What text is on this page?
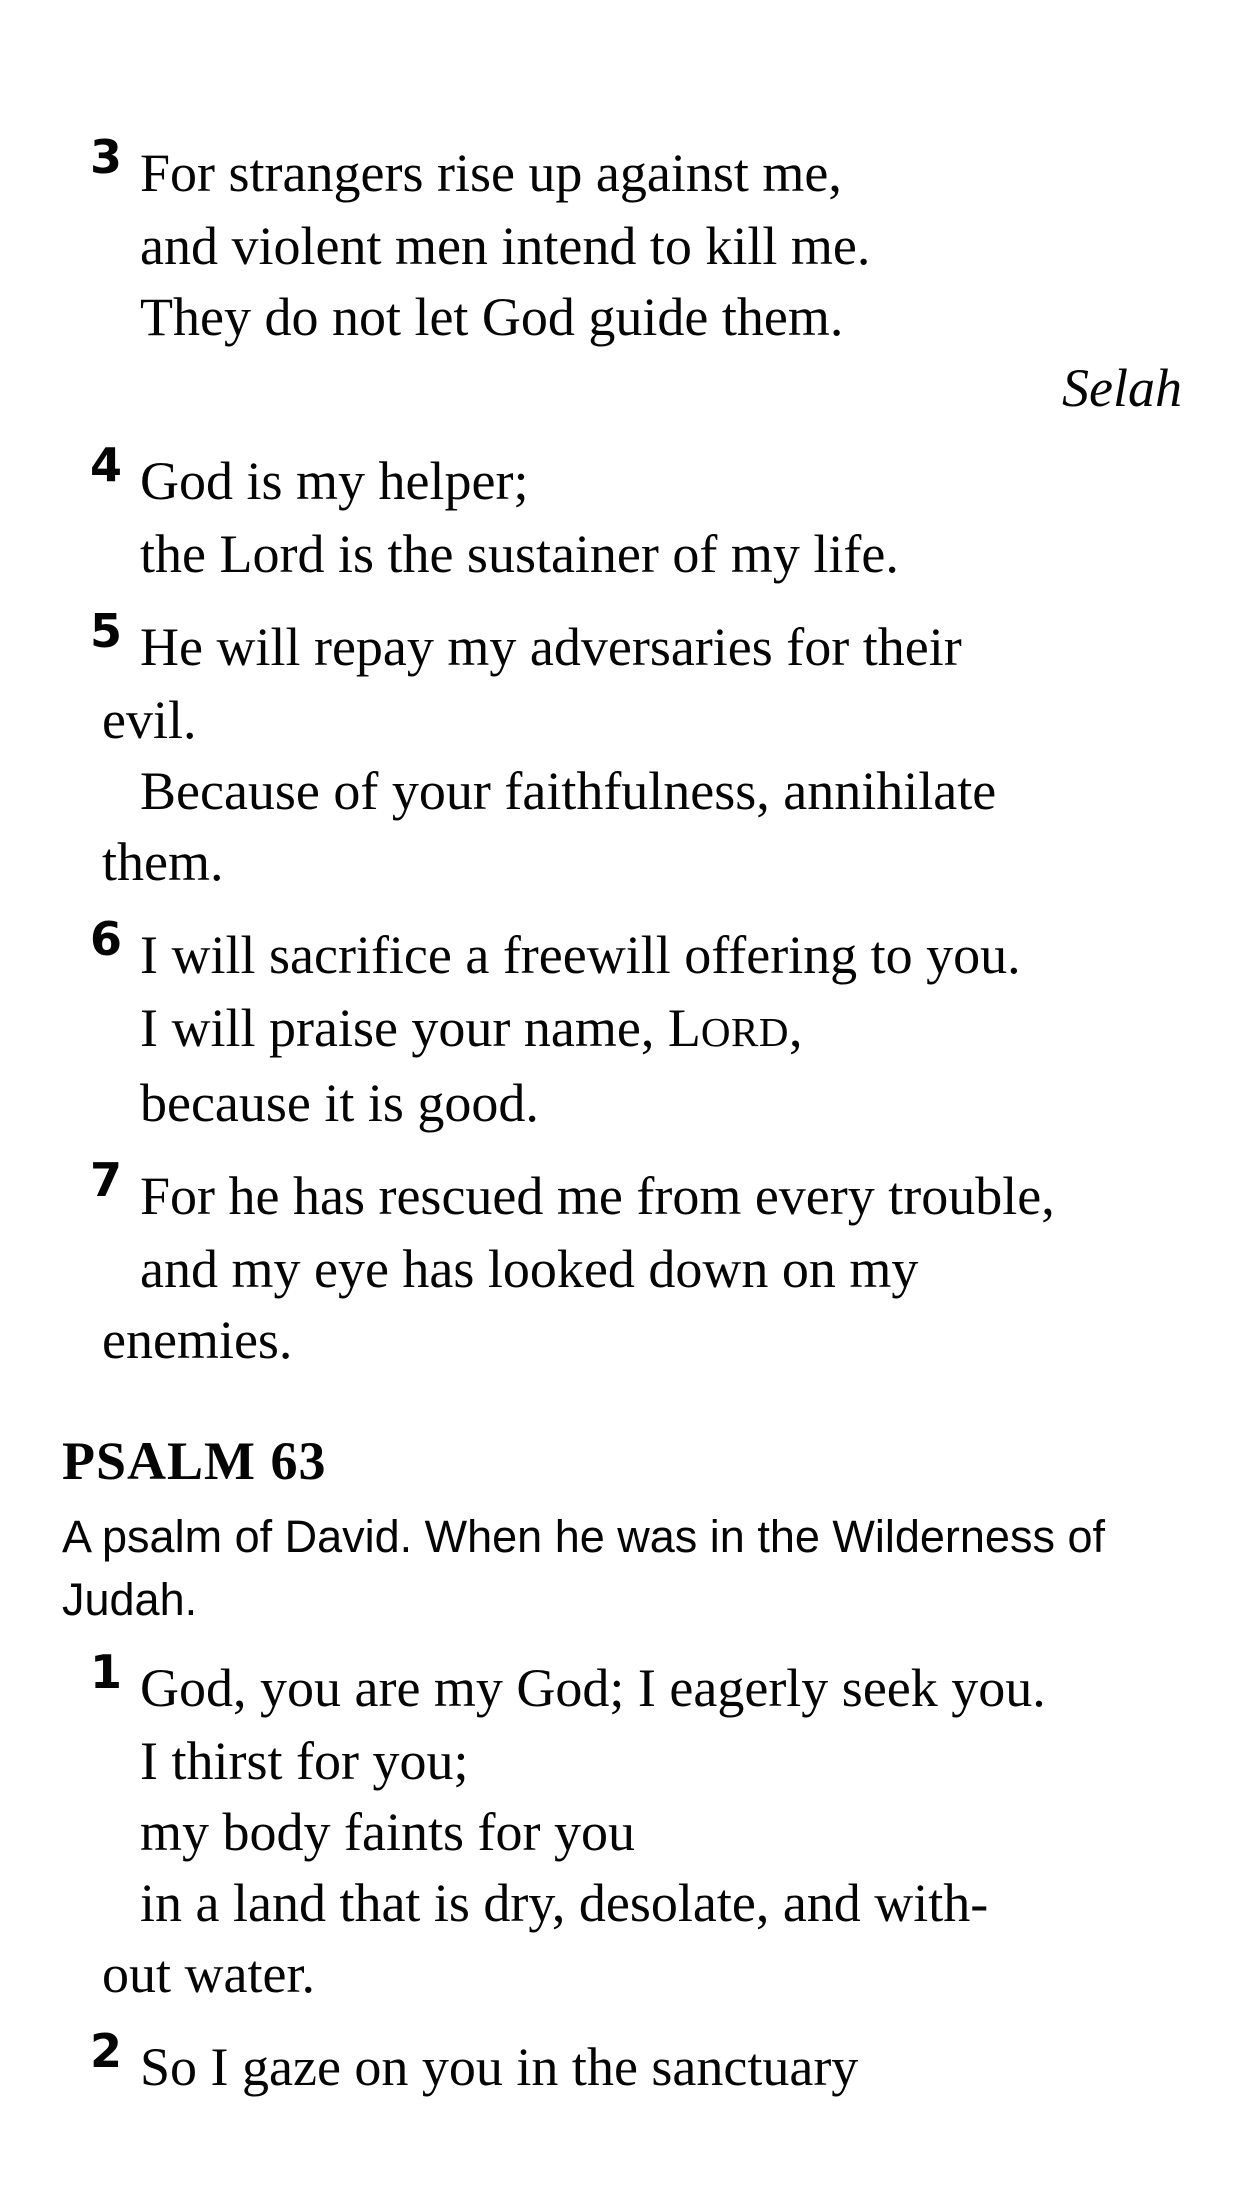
3 For strangers rise up against me,
and violent men intend to kill me.
They do not let God guide them.
Selah
4 God is my helper;
the Lord is the sustainer of my life.
5 He will repay my adversaries for their
evil.
Because of your faithfulness, annihilate
them.
6 I will sacrifice a freewill offering to you.
I will praise your name, LORD,
because it is good.
7 For he has rescued me from every trouble,
and my eye has looked down on my
enemies.
PSALM 63
A psalm of David. When he was in the Wilderness of
Judah.
1 God, you are my God; I eagerly seek you.
I thirst for you;
my body faints for you
in a land that is dry, desolate, and with-
out water.
2 So I gaze on you in the sanctuary
